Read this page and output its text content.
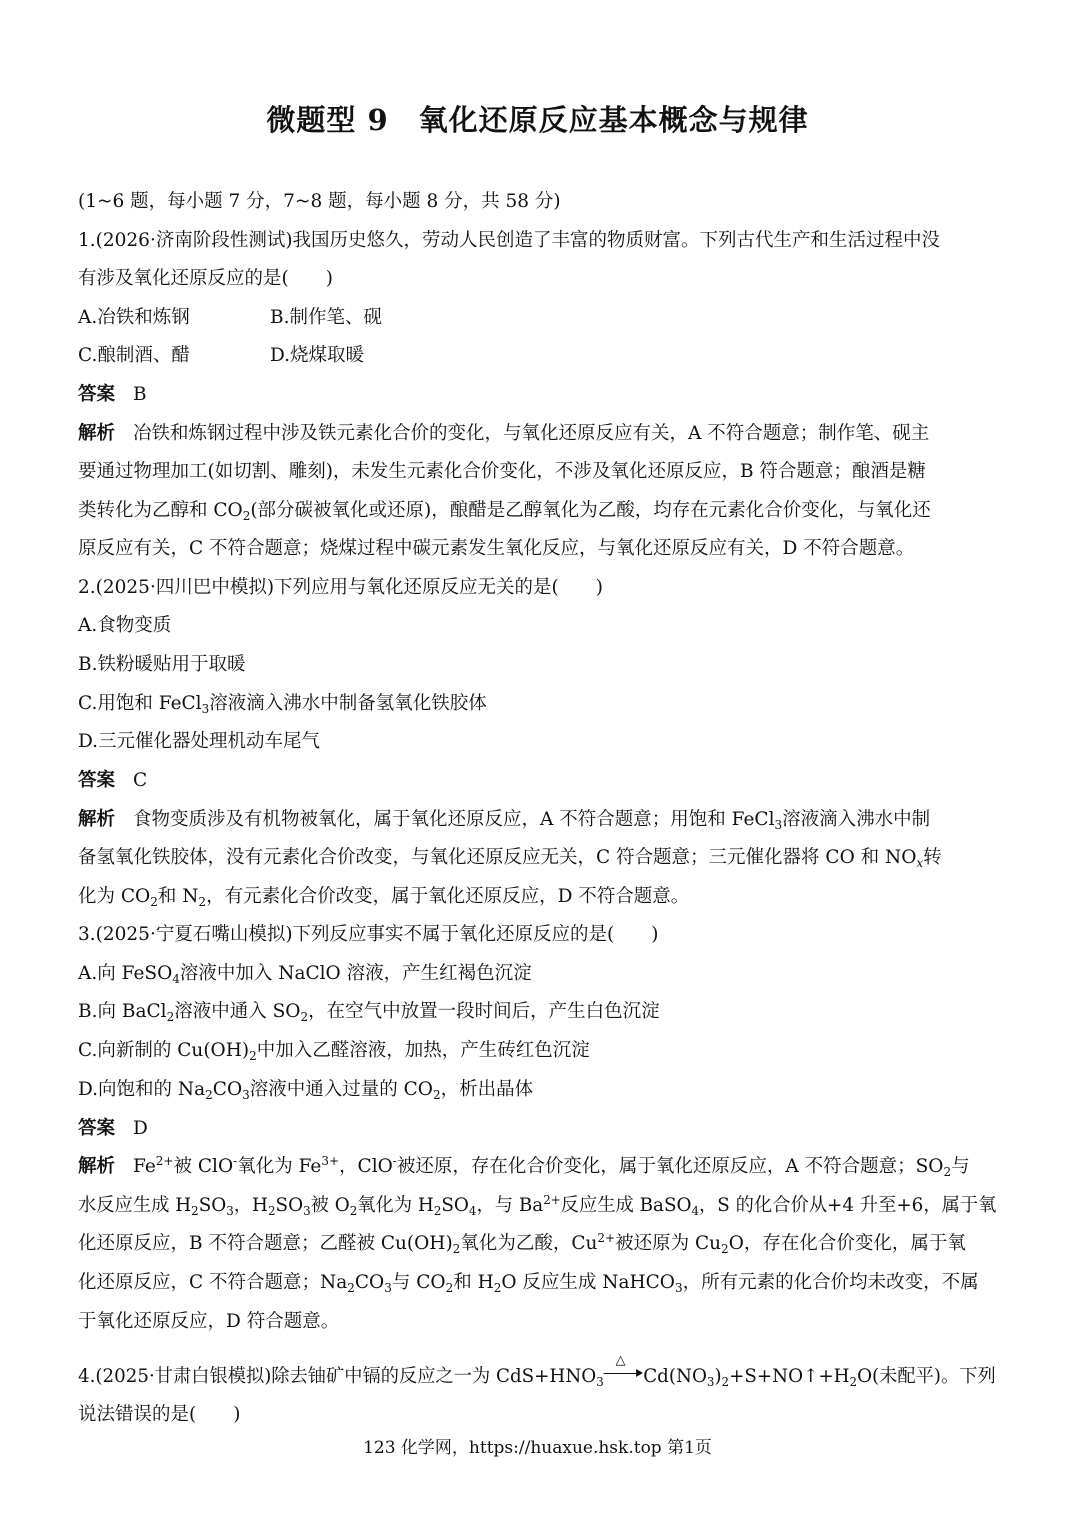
微题型 9　氧化还原反应基本概念与规律
(1~6 题，每小题 7 分，7~8 题，每小题 8 分，共 58 分)
1.(2026·济南阶段性测试)我国历史悠久，劳动人民创造了丰富的物质财富。下列古代生产和生活过程中没
有涉及氧化还原反应的是(　　)
A.冶铁和炼钢	B.制作笔、砚
C.酿制酒、醋	D.烧煤取暖
答案 B
解析 冶铁和炼钢过程中涉及铁元素化合价的变化，与氧化还原反应有关，A 不符合题意；制作笔、砚主
要通过物理加工(如切割、雕刻)，未发生元素化合价变化，不涉及氧化还原反应，B 符合题意；酿酒是糖
类转化为乙醇和 $CO_2$(部分碳被氧化或还原)，酿醋是乙醇氧化为乙酸，均存在元素化合价变化，与氧化还
原反应有关，C 不符合题意；烧煤过程中碳元素发生氧化反应，与氧化还原反应有关，D 不符合题意。
2.(2025·四川巴中模拟)下列应用与氧化还原反应无关的是(　　)
A.食物变质
B.铁粉暖贴用于取暖
C.用饱和 FeCl$_3$溶液滴入沸水中制备氢氧化铁胶体
D.三元催化器处理机动车尾气
答案 C
解析 食物变质涉及有机物被氧化，属于氧化还原反应，A 不符合题意；用饱和 FeCl$_3$溶液滴入沸水中制
备氢氧化铁胶体，没有元素化合价改变，与氧化还原反应无关，C 符合题意；三元催化器将 CO 和 $NO_x$转
化为 $CO_2$和 $N_2$，有元素化合价改变，属于氧化还原反应，D 不符合题意。
3.(2025·宁夏石嘴山模拟)下列反应事实不属于氧化还原反应的是(　　)
A.向 FeSO$_4$溶液中加入 NaClO 溶液，产生红褐色沉淀
B.向 BaCl$_2$溶液中通入 $SO_2$，在空气中放置一段时间后，产生白色沉淀
C.向新制的 $Cu(OH)_2$中加入乙醛溶液，加热，产生砖红色沉淀
D.向饱和的 $Na_2CO_3$溶液中通入过量的 $CO_2$，析出晶体
答案 D
解析 $Fe^{2+}$被 ClO-氧化为 $Fe^{3+}$，ClO-被还原，存在化合价变化，属于氧化还原反应，A 不符合题意；$SO_2$与
水反应生成 $H_2SO_3$，$H_2SO_3$被 $O_2$氧化为 $H_2SO_4$，与 $Ba^{2+}$反应生成 BaSO$_4$，S 的化合价从+4 升至+6，属于氧
化还原反应，B 不符合题意；乙醛被 $Cu(OH)_2$氧化为乙酸，$Cu^{2+}$被还原为 $Cu_2O$，存在化合价变化，属于氧
化还原反应，C 不符合题意；$Na_2CO_3$与 $CO_2$和 $H_2O$ 反应生成 NaHCO$_3$，所有元素的化合价均未改变，不属
于氧化还原反应，D 符合题意。
4.(2025·甘肃白银模拟)除去铀矿中镉的反应之一为 $CdS+HNO_3$
△
$Cd(NO_3)_2+S+NO↑+H_2O$(未配平)。下列
说法错误的是(　　)
123 化学网，https://huaxue.hsk.top 第1页
